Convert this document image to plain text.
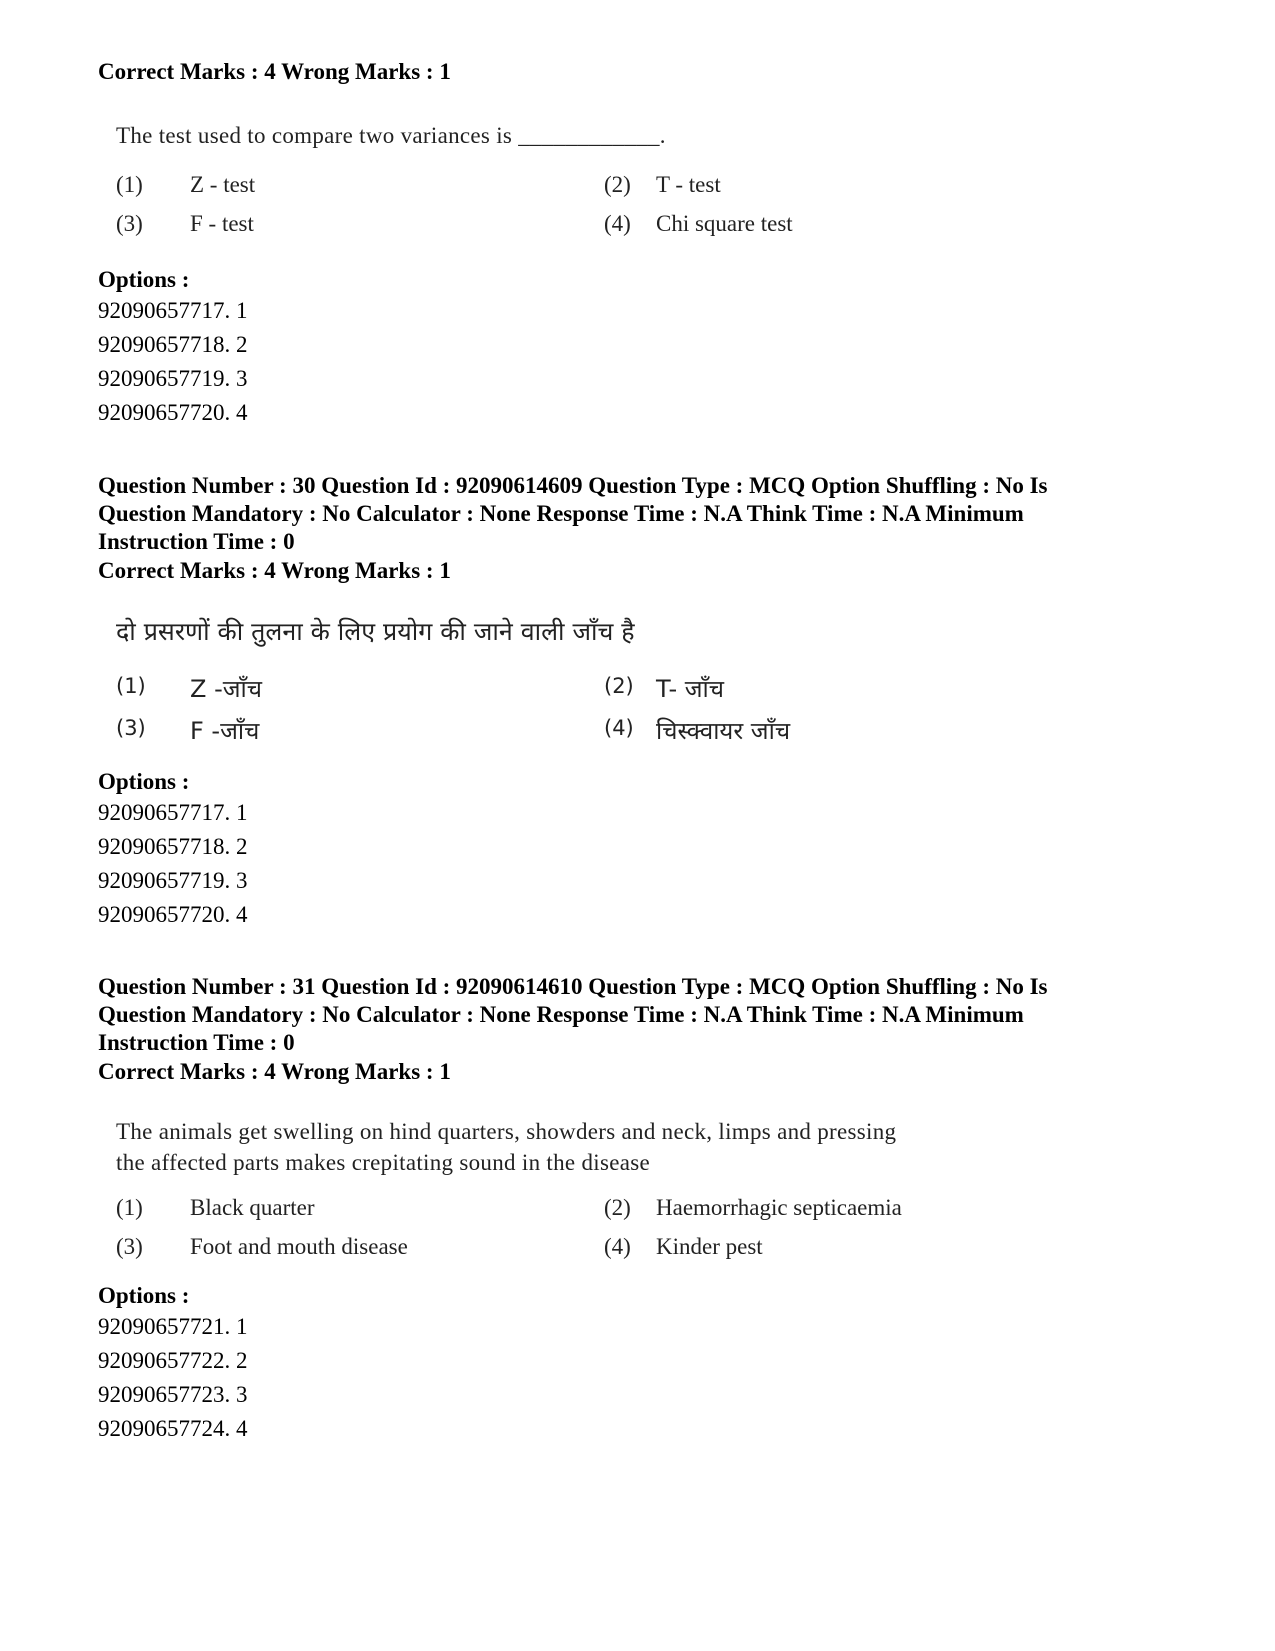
Correct Marks : 4 Wrong Marks : 1
The test used to compare two variances is ____________.
(1) Z - test	(2) T - test
(3) F - test	(4) Chi square test
Options :
92090657717. 1
92090657718. 2
92090657719. 3
92090657720. 4
Question Number : 30 Question Id : 92090614609 Question Type : MCQ Option Shuffling : No Is
Question Mandatory : No Calculator : None Response Time : N.A Think Time : N.A Minimum
Instruction Time : 0
Correct Marks : 4 Wrong Marks : 1
दो प्रसरणों की तुलना के लिए प्रयोग की जाने वाली जाँच है
(1) Z -जाँच	(2) T- जाँच
(3) F -जाँच	(4) चिस्क्‍वायर जाँच
Options :
92090657717. 1
92090657718. 2
92090657719. 3
92090657720. 4
Question Number : 31 Question Id : 92090614610 Question Type : MCQ Option Shuffling : No Is
Question Mandatory : No Calculator : None Response Time : N.A Think Time : N.A Minimum
Instruction Time : 0
Correct Marks : 4 Wrong Marks : 1
The animals get swelling on hind quarters, showders and neck, limps and pressing
the affected parts makes crepitating sound in the disease
(1) Black quarter	(2) Haemorrhagic septicaemia
(3) Foot and mouth disease	(4) Kinder pest
Options :
92090657721. 1
92090657722. 2
92090657723. 3
92090657724. 4
